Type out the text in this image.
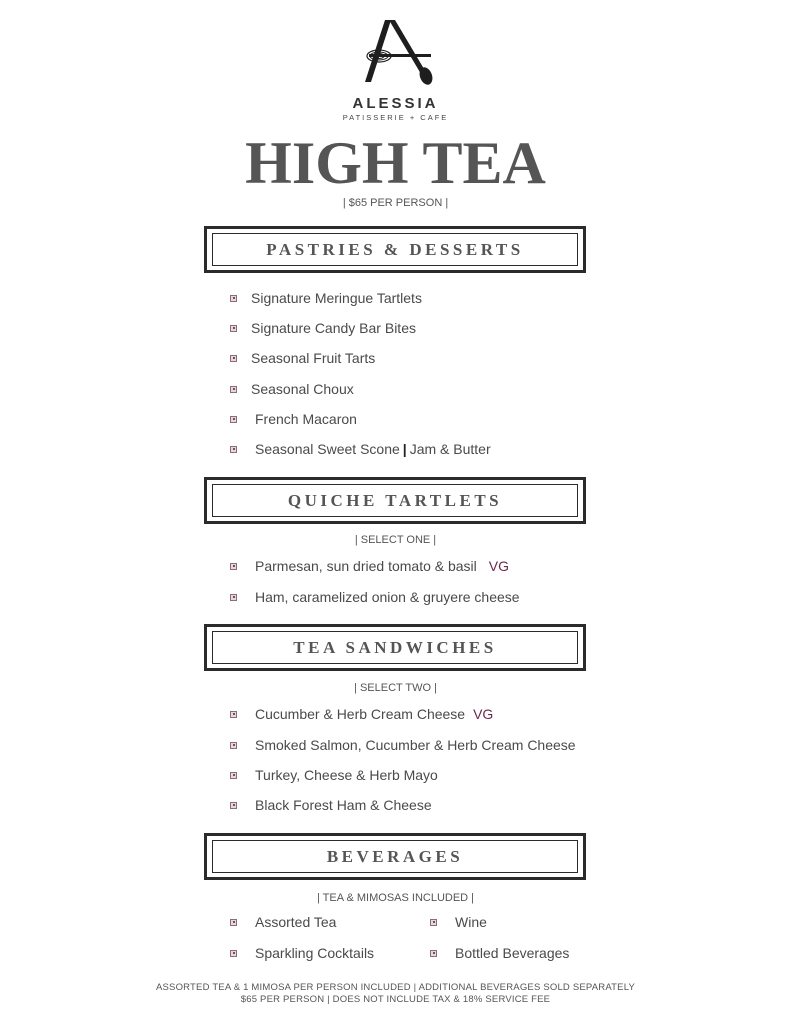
ALESSIA
PATISSERIE + CAFE
HIGH TEA
| $65 PER PERSON |
PASTRIES & DESSERTS
Signature Meringue Tartlets
Signature Candy Bar Bites
Seasonal Fruit Tarts
Seasonal Choux
French Macaron
Seasonal Sweet Scone | Jam & Butter
QUICHE TARTLETS
| SELECT ONE |
Parmesan, sun dried tomato & basil VG
Ham, caramelized onion & gruyere cheese
TEA SANDWICHES
| SELECT TWO |
Cucumber & Herb Cream Cheese VG
Smoked Salmon, Cucumber & Herb Cream Cheese
Turkey, Cheese & Herb Mayo
Black Forest Ham & Cheese
BEVERAGES
| TEA & MIMOSAS INCLUDED |
Assorted Tea
Sparkling Cocktails
Wine
Bottled Beverages
ASSORTED TEA & 1 MIMOSA PER PERSON INCLUDED | ADDITIONAL BEVERAGES SOLD SEPARATELY
$65 PER PERSON | DOES NOT INCLUDE TAX & 18% SERVICE FEE
